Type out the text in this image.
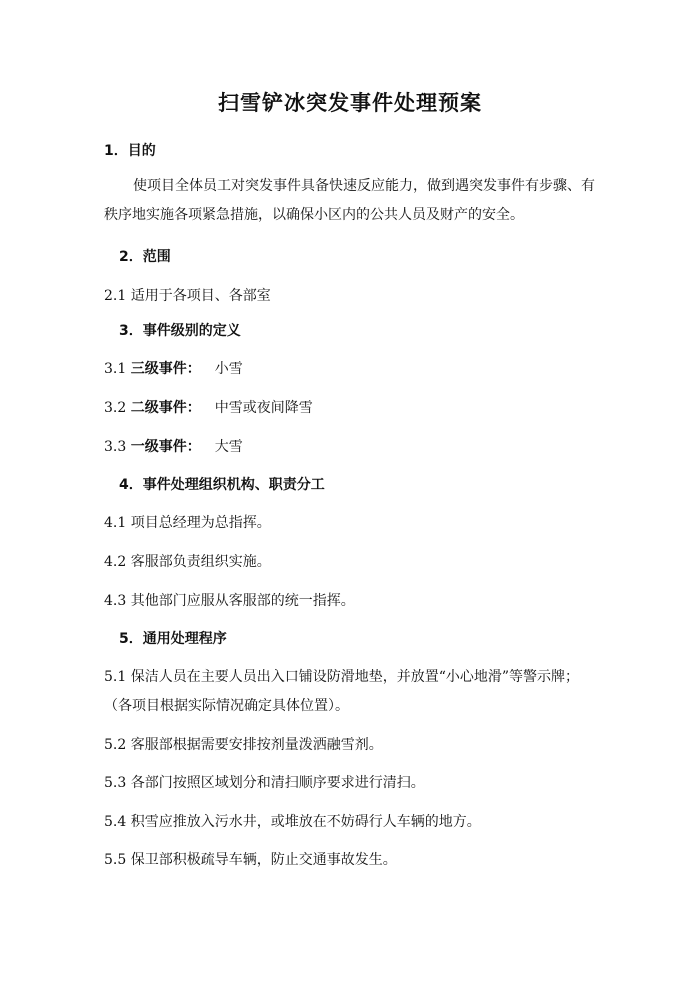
扫雪铲冰突发事件处理预案
1．目的
使项目全体员工对突发事件具备快速反应能力，做到遇突发事件有步骤、有
秩序地实施各项紧急措施，以确保小区内的公共人员及财产的安全。
2．范围
2.1 适用于各项目、各部室
3．事件级别的定义
3.1 三级事件： 小雪
3.2 二级事件： 中雪或夜间降雪
3.3 一级事件： 大雪
4．事件处理组织机构、职责分工
4.1 项目总经理为总指挥。
4.2 客服部负责组织实施。
4.3 其他部门应服从客服部的统一指挥。
5．通用处理程序
5.1 保洁人员在主要人员出入口铺设防滑地垫，并放置“小心地滑”等警示牌；
（各项目根据实际情况确定具体位置）。
5.2 客服部根据需要安排按剂量泼洒融雪剂。
5.3 各部门按照区域划分和清扫顺序要求进行清扫。
5.4 积雪应推放入污水井，或堆放在不妨碍行人车辆的地方。
5.5 保卫部积极疏导车辆，防止交通事故发生。
